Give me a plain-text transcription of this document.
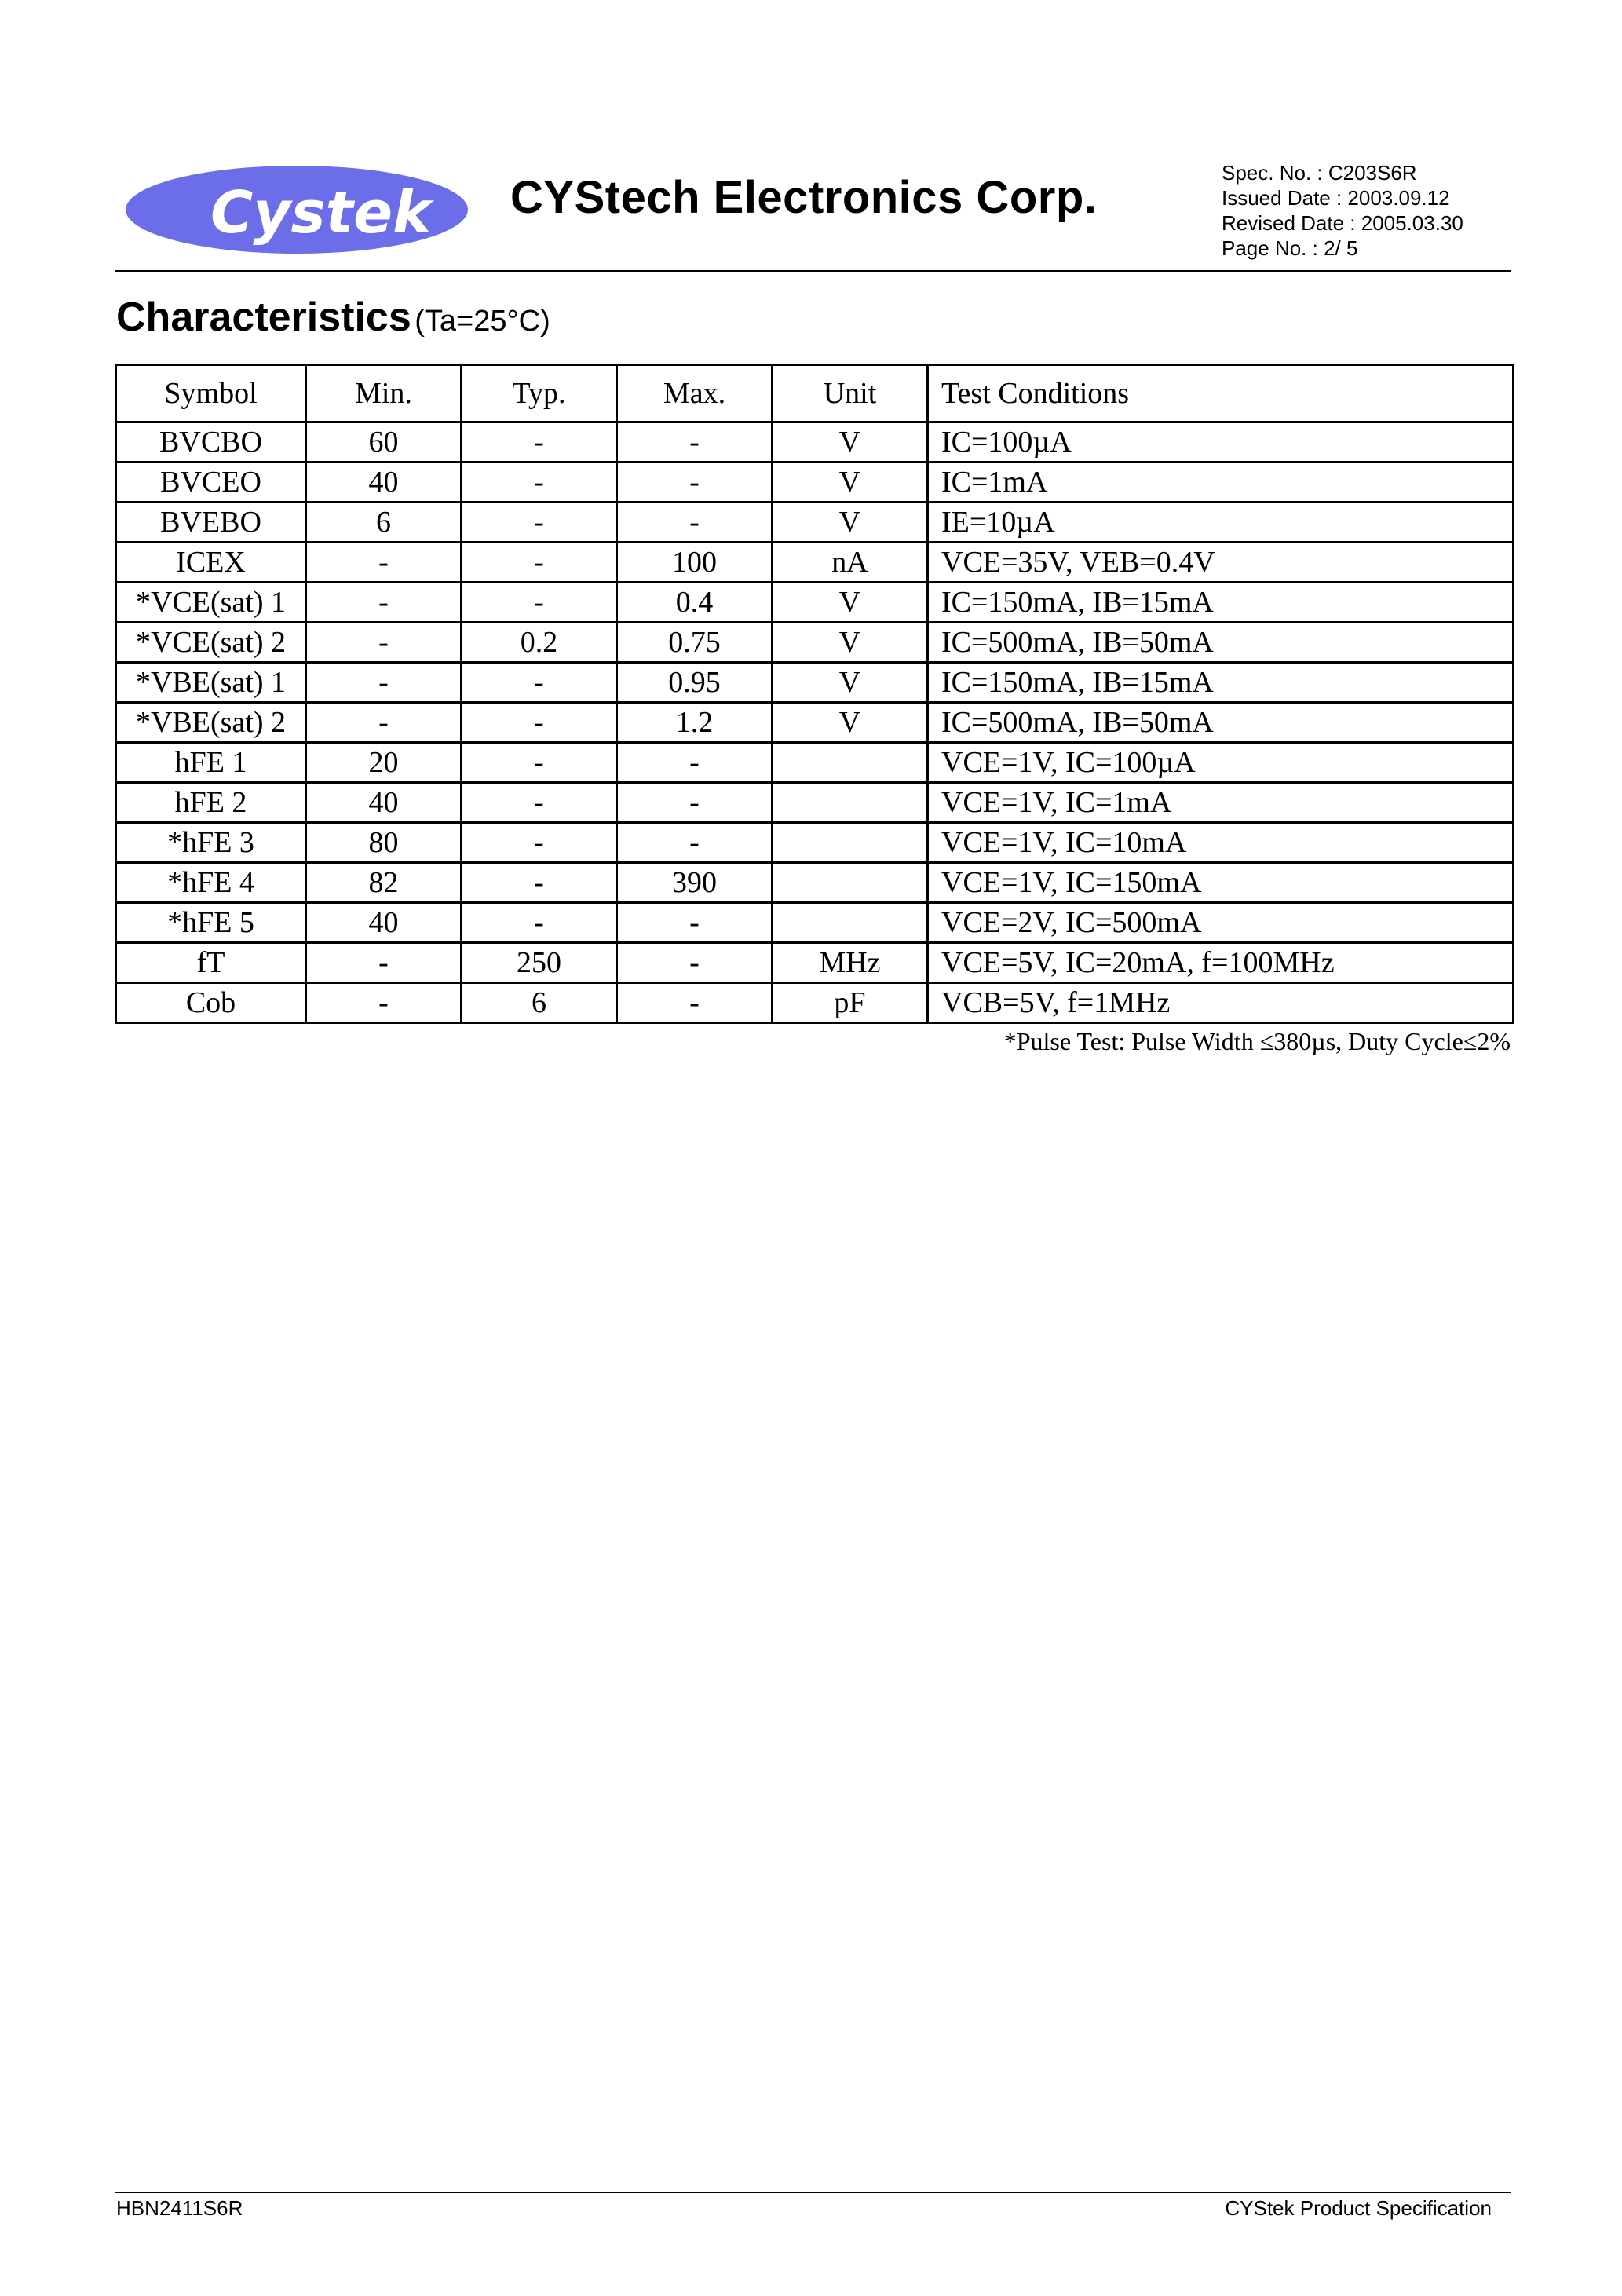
Cystek CYStech Electronics Corp.	Spec. No. : C203S6R
Issued Date : 2003.09.12
Revised Date : 2005.03.30
Page No. : 2/ 5
Characteristics (Ta=25°C)
Symbol	Min.	Typ.	Max.	Unit	Test Conditions
BVCBO	60	-	-	V	IC=100µA
BVCEO	40	-	-	V	IC=1mA
BVEBO	6	-	-	V	IE=10µA
ICEX	-	-	100	nA	VCE=35V, VEB=0.4V
*VCE(sat) 1	-	-	0.4	V	IC=150mA, IB=15mA
*VCE(sat) 2	-	0.2	0.75	V	IC=500mA, IB=50mA
*VBE(sat) 1	-	-	0.95	V	IC=150mA, IB=15mA
*VBE(sat) 2	-	-	1.2	V	IC=500mA, IB=50mA
hFE 1	20	-	-		VCE=1V, IC=100µA
hFE 2	40	-	-		VCE=1V, IC=1mA
*hFE 3	80	-	-		VCE=1V, IC=10mA
*hFE 4	82	-	390		VCE=1V, IC=150mA
*hFE 5	40	-	-		VCE=2V, IC=500mA
fT	-	250	-	MHz	VCE=5V, IC=20mA, f=100MHz
Cob	-	6	-	pF	VCB=5V, f=1MHz
*Pulse Test: Pulse Width ≤380µs, Duty Cycle≤2%
HBN2411S6R	CYStek Product Specification
